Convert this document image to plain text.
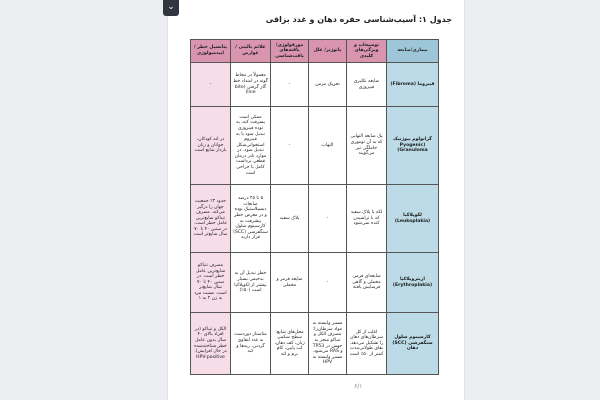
جدول ۱: آسیب‌شناسی حفره دهان و غدد بزاقی
بیماری/ضایعه	توضیحات و ویژگی‌های کلیدی	پاتوژنز/ علل	مورفولوژی/ یافته‌های بافت‌شناسی	علائم بالینی / عوارض	پتانسیل خطر / اپیدمیولوژی
فیبروما (Fibroma)	ضایعه نکلیری فیبروزی	تحریک مزمن	-	معمولاً در مخاط گونه در امتداد خط گاز گرفتن (bite line)	-
گرانولوم پیوژنیک (Pyogenic Granuloma)	یک ضایعه التهابی که به آن توموری حاملگی نیز می‌گویند	التهاب	-	ممکن است پسرفت کند، به توده فیبروزی تبدیل شود یا به فیبروم استخوانی‌شکل تبدیل شود. در موارد نادر درمان قطعی برداشت کامل با جراحی است	در لثه کودکان، جوانان و زنان باردار شایع است
لکوپلاکیا (Leukoplakia)	لکه یا پلاک سفید که با تراشیدن کنده نمی‌شود	-	پلاک سفید	۵ تا ۲۵ درصد ضایعات دیسپلاستیک بوده و در معرض خطر پیشرفت به کارسینوم سلول سنگفرشی (SCC) قرار دارند	حدود ۳٪ جمعیت جهان را درگیر می‌کند. مصرف تنباکو شایع‌ترین عامل خطر است. در سنین ۴۰ تا ۷۰ سال شایع‌تر است
اریتروپلاکیا (Erythroplakia)	ضایعه‌ای قرمز، مخملی و گاهی فرسایش یافته	-	ضایعه قرمز و مخملی	خطر تبدیل آن به بدخیمی بسیار بیشتر از لکوپلاکیا است (۵۰٪)	مصرف تنباکو شایع‌ترین عامل خطر است. در سنین ۴۰ تا ۷۰ سال شایع‌تر است. نسبت مرد به زن ۲ به ۱
کارسینوم سلول سنگفرشی (SCC) دهان	اغلب از کل سرطان‌های دهان را تشکیل می‌دهد. بقای طولانی‌مدت کمتر از ۵۰٪ است	مسیر وابسته به مواد سرطان‌زا: مصرف الکل و تنباکو منجر به جهش در TP53 و RAS می‌شود. مسیر وابسته به HPV	محل‌های شایع: سطح شکمی زبان، کف دهان، لب پایین، کام نرم و لثه	متاستاز دوردست به غدد لنفاوی گردنی، ریه‌ها و کبد	الکل و تنباکو (در افراد بالای ۴۰ سال بدون عامل خطر شناخته‌شده در حال افزایش). HPV-positive
۶/۱
⌄
